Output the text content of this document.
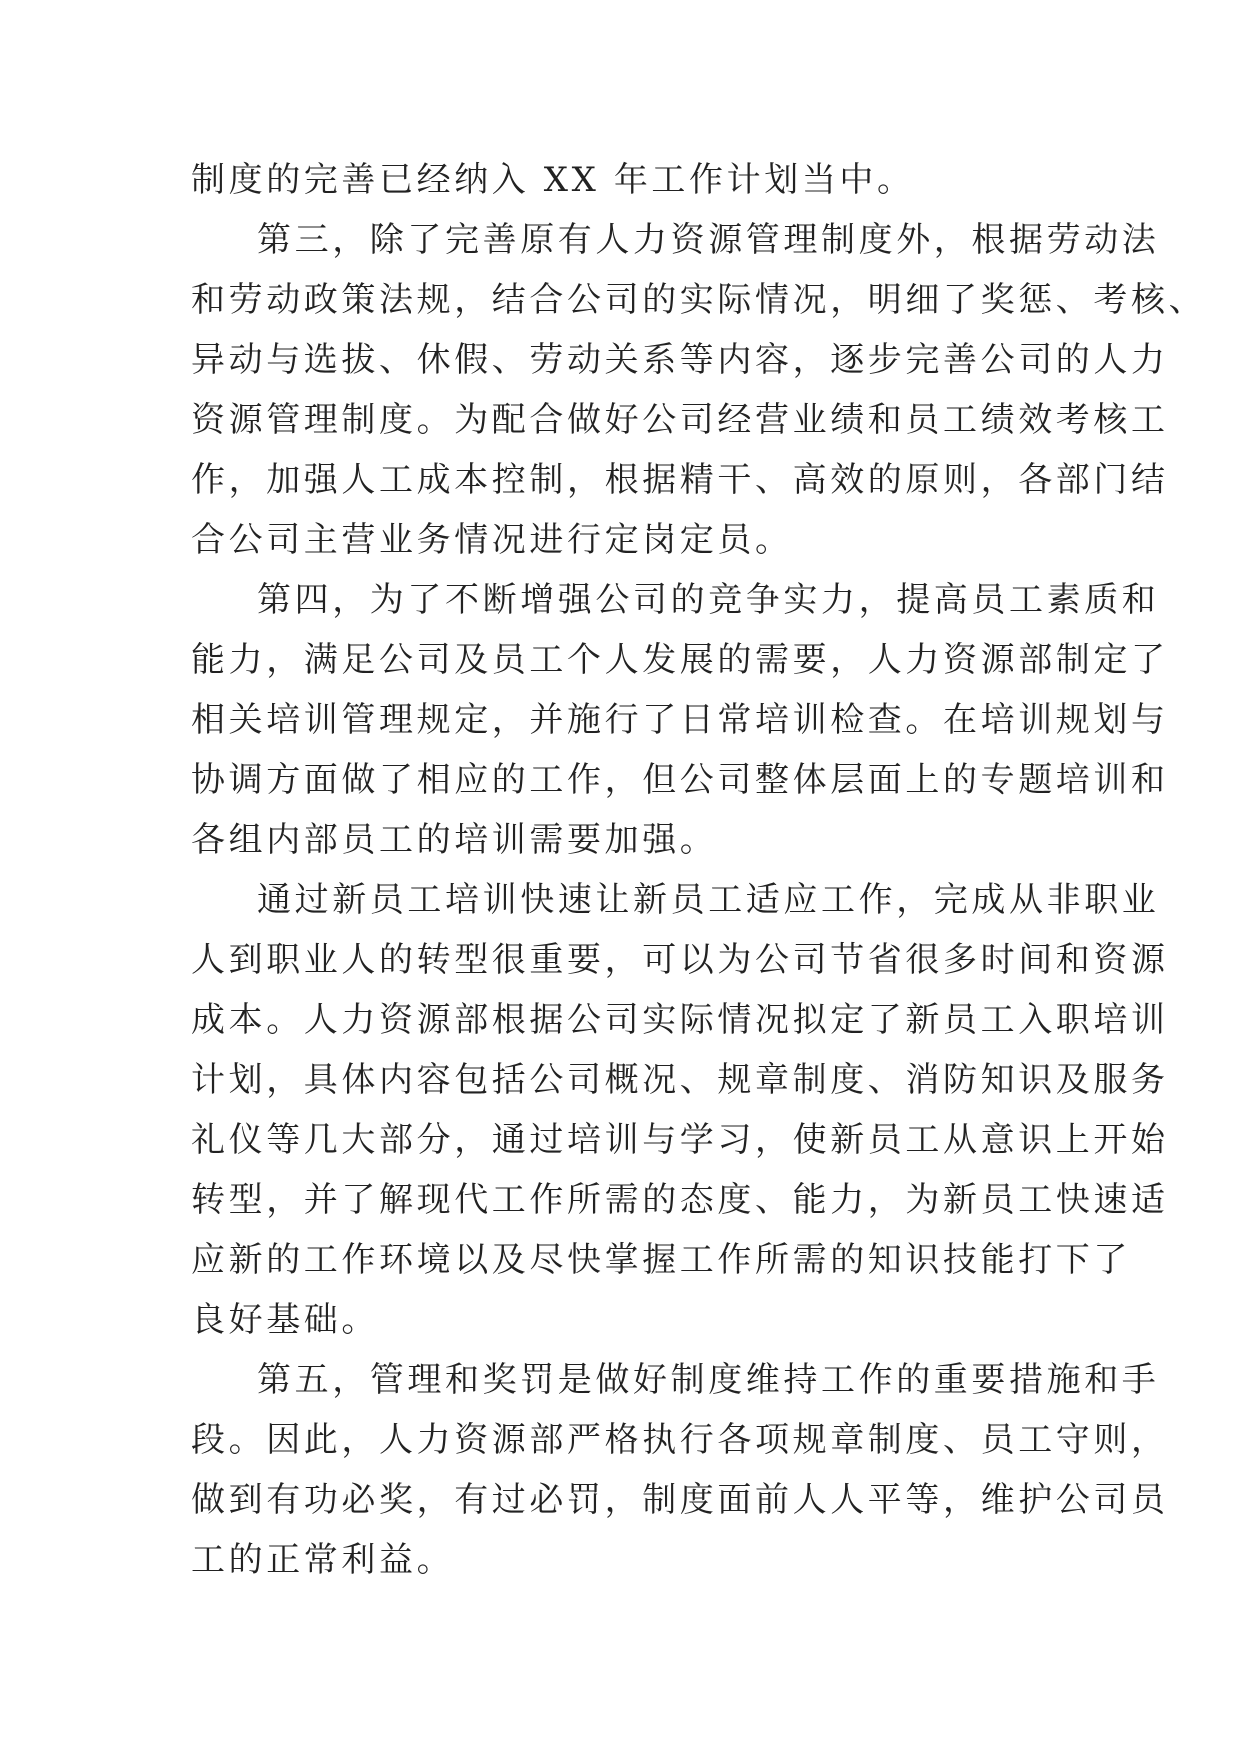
制度的完善已经纳入 XX 年工作计划当中。
第三，除了完善原有人力资源管理制度外，根据劳动法
和劳动政策法规，结合公司的实际情况，明细了奖惩、考核、
异动与选拔、休假、劳动关系等内容，逐步完善公司的人力
资源管理制度。为配合做好公司经营业绩和员工绩效考核工
作，加强人工成本控制，根据精干、高效的原则，各部门结
合公司主营业务情况进行定岗定员。
第四，为了不断增强公司的竞争实力，提高员工素质和
能力，满足公司及员工个人发展的需要，人力资源部制定了
相关培训管理规定，并施行了日常培训检查。在培训规划与
协调方面做了相应的工作，但公司整体层面上的专题培训和
各组内部员工的培训需要加强。
通过新员工培训快速让新员工适应工作，完成从非职业
人到职业人的转型很重要，可以为公司节省很多时间和资源
成本。人力资源部根据公司实际情况拟定了新员工入职培训
计划，具体内容包括公司概况、规章制度、消防知识及服务
礼仪等几大部分，通过培训与学习，使新员工从意识上开始
转型，并了解现代工作所需的态度、能力，为新员工快速适
应新的工作环境以及尽快掌握工作所需的知识技能打下了
良好基础。
第五，管理和奖罚是做好制度维持工作的重要措施和手
段。因此，人力资源部严格执行各项规章制度、员工守则，
做到有功必奖，有过必罚，制度面前人人平等，维护公司员
工的正常利益。
